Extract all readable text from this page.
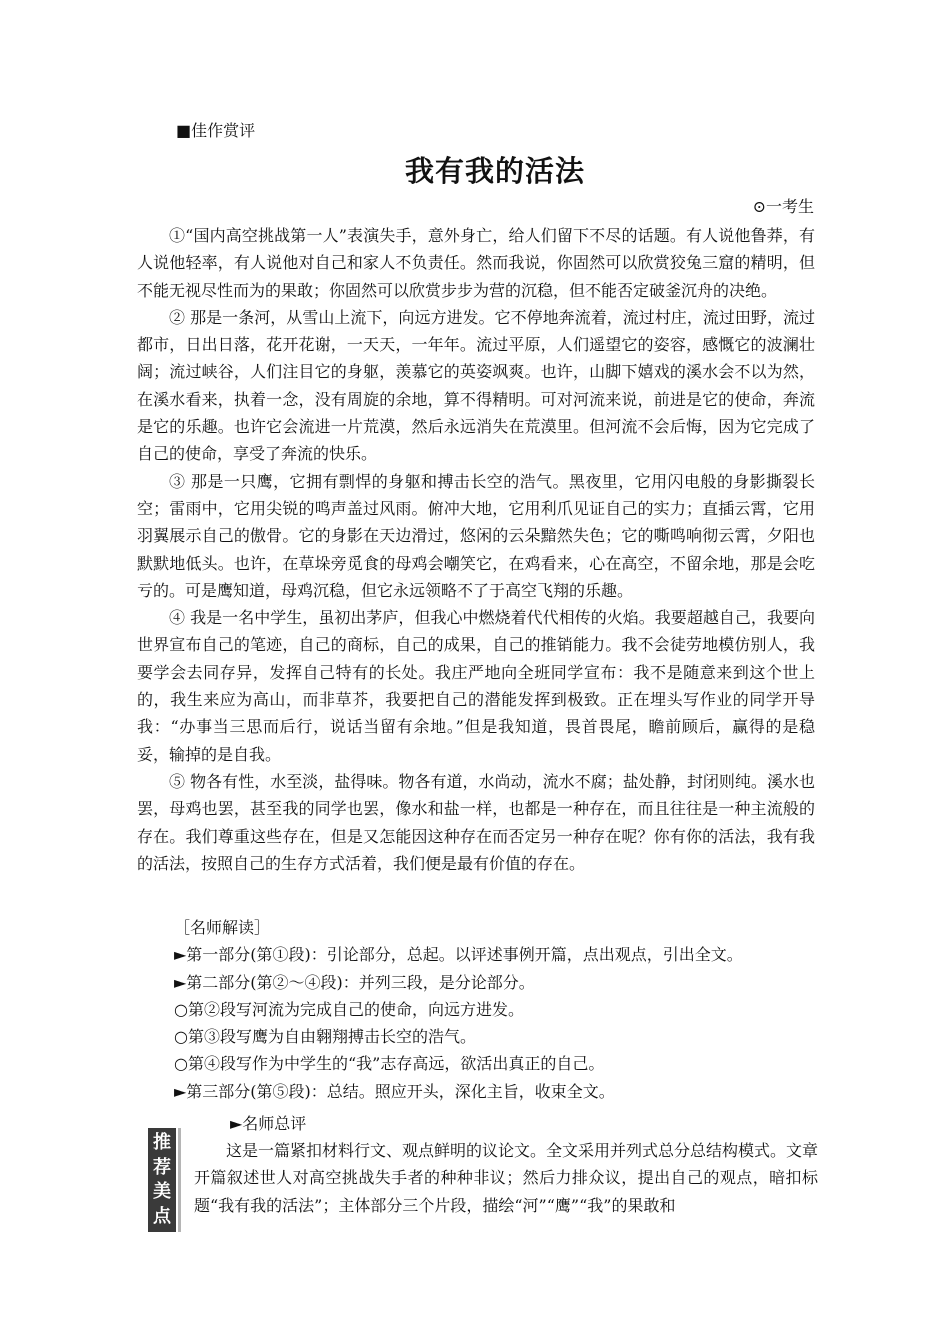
■佳作赏评
我有我的活法
⊙一考生

①“国内高空挑战第一人”表演失手，意外身亡，给人们留下不尽的话题。有人说他鲁莽，有人说他轻率，有人说他对自己和家人不负责任。然而我说，你固然可以欣赏狡兔三窟的精明，但不能无视尽性而为的果敢；你固然可以欣赏步步为营的沉稳，但不能否定破釜沉舟的决绝。

② 那是一条河，从雪山上流下，向远方进发。它不停地奔流着，流过村庄，流过田野，流过都市，日出日落，花开花谢，一天天，一年年。流过平原，人们遥望它的姿容，感慨它的波澜壮阔；流过峡谷，人们注目它的身躯，羡慕它的英姿飒爽。也许，山脚下嬉戏的溪水会不以为然，在溪水看来，执着一念，没有周旋的余地，算不得精明。可对河流来说，前进是它的使命，奔流是它的乐趣。也许它会流进一片荒漠，然后永远消失在荒漠里。但河流不会后悔，因为它完成了自己的使命，享受了奔流的快乐。

③ 那是一只鹰，它拥有剽悍的身躯和搏击长空的浩气。黑夜里，它用闪电般的身影撕裂长空；雷雨中，它用尖锐的鸣声盖过风雨。俯冲大地，它用利爪见证自己的实力；直插云霄，它用羽翼展示自己的傲骨。它的身影在天边滑过，悠闲的云朵黯然失色；它的嘶鸣响彻云霄，夕阳也默默地低头。也许，在草垛旁觅食的母鸡会嘲笑它，在鸡看来，心在高空，不留余地，那是会吃亏的。可是鹰知道，母鸡沉稳，但它永远领略不了于高空飞翔的乐趣。

④ 我是一名中学生，虽初出茅庐，但我心中燃烧着代代相传的火焰。我要超越自己，我要向世界宣布自己的笔迹，自己的商标，自己的成果，自己的推销能力。我不会徒劳地模仿别人，我要学会去同存异，发挥自己特有的长处。我庄严地向全班同学宣布：我不是随意来到这个世上的，我生来应为高山，而非草芥，我要把自己的潜能发挥到极致。正在埋头写作业的同学开导我：“办事当三思而后行，说话当留有余地。”但是我知道，畏首畏尾，瞻前顾后，赢得的是稳妥，输掉的是自我。

⑤ 物各有性，水至淡，盐得味。物各有道，水尚动，流水不腐；盐处静，封闭则纯。溪水也罢，母鸡也罢，甚至我的同学也罢，像水和盐一样，也都是一种存在，而且往往是一种主流般的存在。我们尊重这些存在，但是又怎能因这种存在而否定另一种存在呢？你有你的活法，我有我的活法，按照自己的生存方式活着，我们便是最有价值的存在。

［名师解读］
►第一部分(第①段)：引论部分，总起。以评述事例开篇，点出观点，引出全文。
►第二部分(第②～④段)：并列三段，是分论部分。
○第②段写河流为完成自己的使命，向远方进发。
○第③段写鹰为自由翱翔搏击长空的浩气。
○第④段写作为中学生的“我”志存高远，欲活出真正的自己。
►第三部分(第⑤段)：总结。照应开头，深化主旨，收束全文。
推
荐
美
点
►名师总评

这是一篇紧扣材料行文、观点鲜明的议论文。全文采用并列式总分总结构模式。文章开篇叙述世人对高空挑战失手者的种种非议；然后力排众议，提出自己的观点，暗扣标题“我有我的活法”；主体部分三个片段，描绘“河”“鹰”“我”的果敢和
